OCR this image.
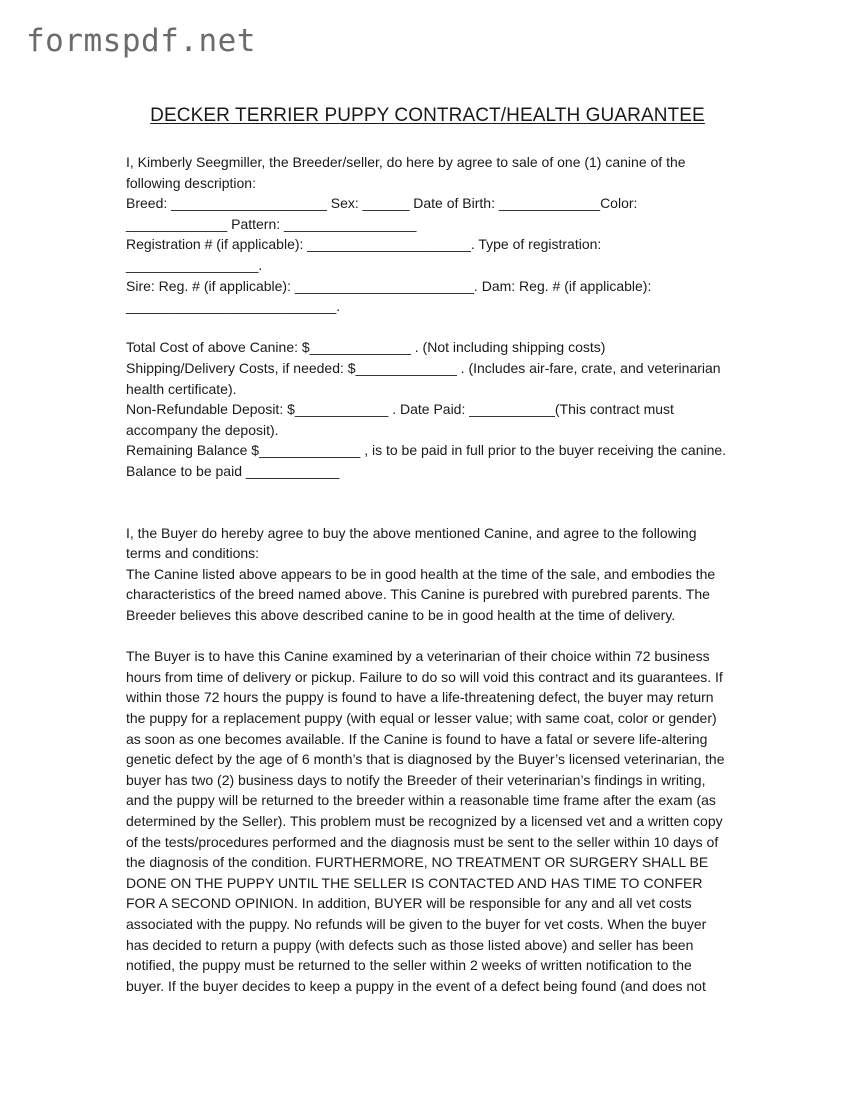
formspdf.net
DECKER TERRIER PUPPY CONTRACT/HEALTH GUARANTEE
I, Kimberly Seegmiller, the Breeder/seller, do here by agree to sale of one (1) canine of the
following description:
Breed: ____________________ Sex: ______ Date of Birth: _____________Color:
_____________ Pattern: _________________
Registration # (if applicable): _____________________. Type of registration:
_________________.
Sire: Reg. # (if applicable): _______________________. Dam: Reg. # (if applicable):
___________________________.
Total Cost of above Canine: $_____________ . (Not including shipping costs)
Shipping/Delivery Costs, if needed: $_____________ . (Includes air-fare, crate, and veterinarian
health certificate).
Non-Refundable Deposit: $____________ . Date Paid: ___________(This contract must
accompany the deposit).
Remaining Balance $_____________ , is to be paid in full prior to the buyer receiving the canine.
Balance to be paid ____________
I, the Buyer do hereby agree to buy the above mentioned Canine, and agree to the following
terms and conditions:
The Canine listed above appears to be in good health at the time of the sale, and embodies the
characteristics of the breed named above. This Canine is purebred with purebred parents. The
Breeder believes this above described canine to be in good health at the time of delivery.
The Buyer is to have this Canine examined by a veterinarian of their choice within 72 business
hours from time of delivery or pickup. Failure to do so will void this contract and its guarantees. If
within those 72 hours the puppy is found to have a life-threatening defect, the buyer may return
the puppy for a replacement puppy (with equal or lesser value; with same coat, color or gender)
as soon as one becomes available. If the Canine is found to have a fatal or severe life-altering
genetic defect by the age of 6 month’s that is diagnosed by the Buyer’s licensed veterinarian, the
buyer has two (2) business days to notify the Breeder of their veterinarian’s findings in writing,
and the puppy will be returned to the breeder within a reasonable time frame after the exam (as
determined by the Seller). This problem must be recognized by a licensed vet and a written copy
of the tests/procedures performed and the diagnosis must be sent to the seller within 10 days of
the diagnosis of the condition. FURTHERMORE, NO TREATMENT OR SURGERY SHALL BE
DONE ON THE PUPPY UNTIL THE SELLER IS CONTACTED AND HAS TIME TO CONFER
FOR A SECOND OPINION. In addition, BUYER will be responsible for any and all vet costs
associated with the puppy. No refunds will be given to the buyer for vet costs. When the buyer
has decided to return a puppy (with defects such as those listed above) and seller has been
notified, the puppy must be returned to the seller within 2 weeks of written notification to the
buyer. If the buyer decides to keep a puppy in the event of a defect being found (and does not
